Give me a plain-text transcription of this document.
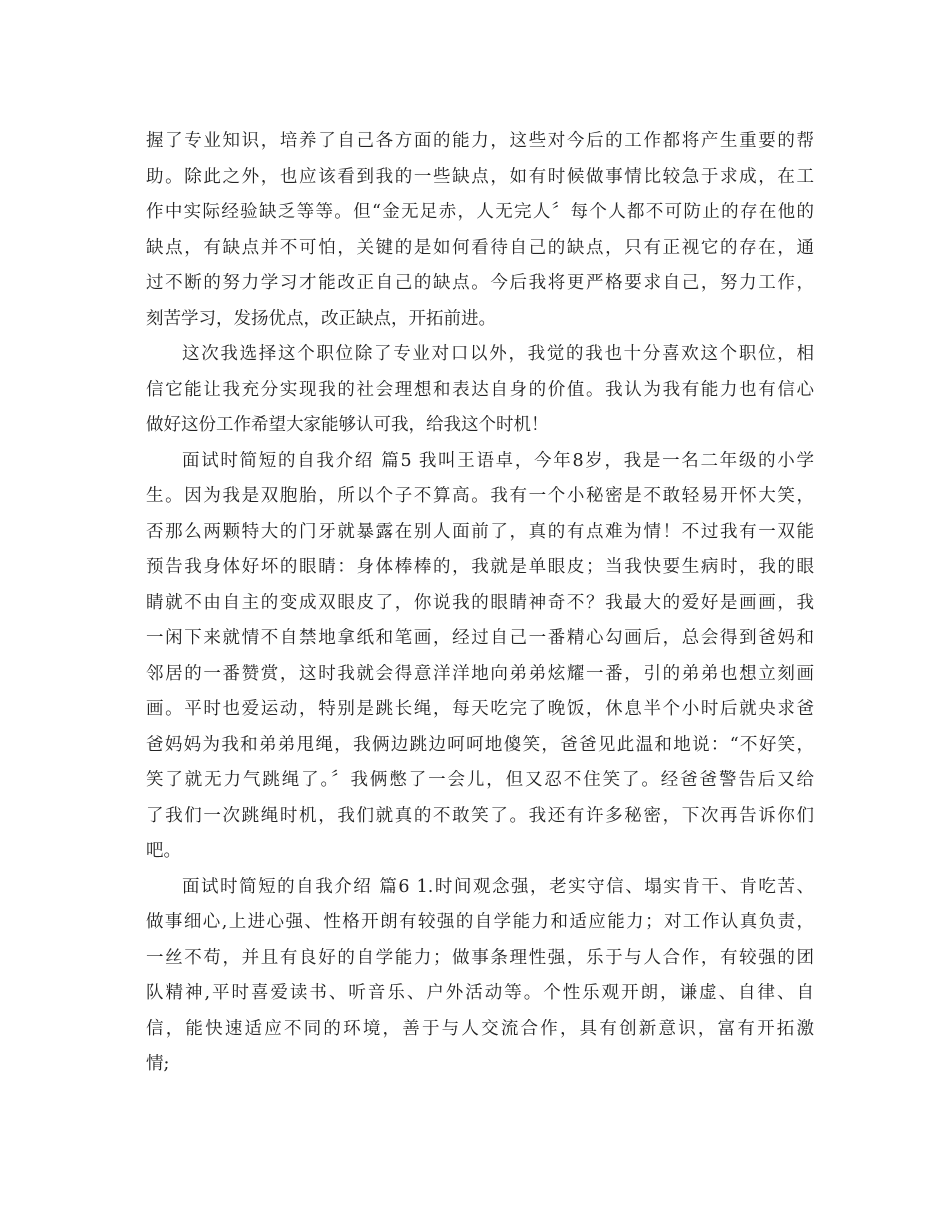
握了专业知识，培养了自己各方面的能力，这些对今后的工作都将产生重要的帮
助。除此之外，也应该看到我的一些缺点，如有时候做事情比较急于求成，在工
作中实际经验缺乏等等。但“金无足赤，人无完人〞每个人都不可防止的存在他的
缺点，有缺点并不可怕，关键的是如何看待自己的缺点，只有正视它的存在，通
过不断的努力学习才能改正自己的缺点。今后我将更严格要求自己，努力工作，
刻苦学习，发扬优点，改正缺点，开拓前进。
这次我选择这个职位除了专业对口以外，我觉的我也十分喜欢这个职位，相
信它能让我充分实现我的社会理想和表达自身的价值。我认为我有能力也有信心
做好这份工作希望大家能够认可我，给我这个时机！
面试时简短的自我介绍 篇5 我叫王语卓，今年8岁，我是一名二年级的小学
生。因为我是双胞胎，所以个子不算高。我有一个小秘密是不敢轻易开怀大笑，
否那么两颗特大的门牙就暴露在别人面前了，真的有点难为情！不过我有一双能
预告我身体好坏的眼睛：身体棒棒的，我就是单眼皮；当我快要生病时，我的眼
睛就不由自主的变成双眼皮了，你说我的眼睛神奇不？我最大的爱好是画画，我
一闲下来就情不自禁地拿纸和笔画，经过自己一番精心勾画后，总会得到爸妈和
邻居的一番赞赏，这时我就会得意洋洋地向弟弟炫耀一番，引的弟弟也想立刻画
画。平时也爱运动，特别是跳长绳，每天吃完了晚饭，休息半个小时后就央求爸
爸妈妈为我和弟弟甩绳，我俩边跳边呵呵地傻笑，爸爸见此温和地说：“不好笑，
笑了就无力气跳绳了。〞我俩憋了一会儿，但又忍不住笑了。经爸爸警告后又给
了我们一次跳绳时机，我们就真的不敢笑了。我还有许多秘密，下次再告诉你们
吧。
面试时简短的自我介绍 篇6 1.时间观念强，老实守信、塌实肯干、肯吃苦、
做事细心,上进心强、性格开朗有较强的自学能力和适应能力；对工作认真负责，
一丝不苟，并且有良好的自学能力；做事条理性强，乐于与人合作，有较强的团
队精神,平时喜爱读书、听音乐、户外活动等。个性乐观开朗，谦虚、自律、自
信，能快速适应不同的环境，善于与人交流合作，具有创新意识，富有开拓激
情;
